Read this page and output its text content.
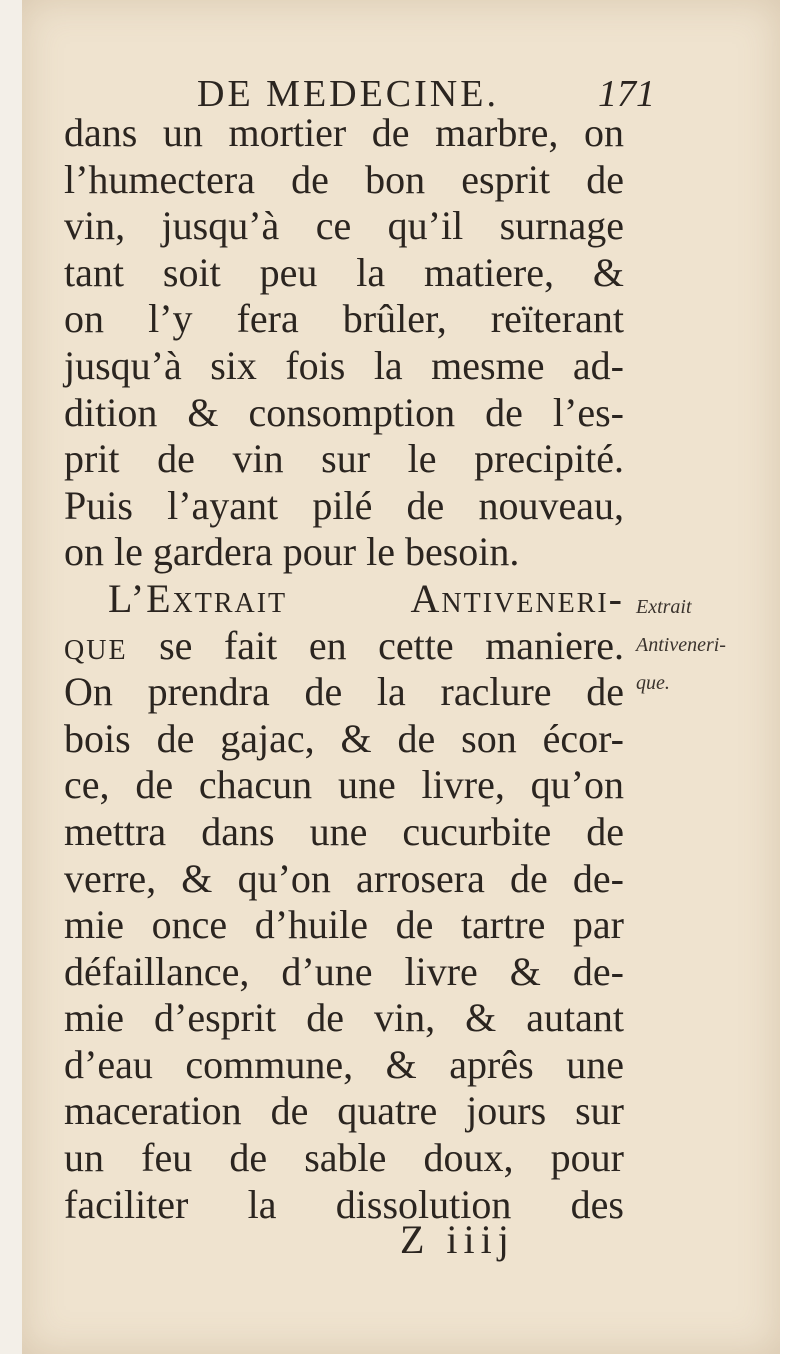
DE MEDECINE.	171
dans un mortier de marbre, on
l’humectera de bon esprit de
vin, jusqu’à ce qu’il surnage
tant soit peu la matiere, &
on l’y fera brûler, reïterant
jusqu’à six fois la mesme ad-
dition & consomption de l’es-
prit de vin sur le precipité.
Puis l’ayant pilé de nouveau,
on le gardera pour le besoin.
L’Extrait Antiveneri-
que se fait en cette maniere.
On prendra de la raclure de
bois de gajac, & de son écor-
ce, de chacun une livre, qu’on
mettra dans une cucurbite de
verre, & qu’on arrosera de de-
mie once d’huile de tartre par
défaillance, d’une livre & de-
mie d’esprit de vin, & autant
d’eau commune, & aprês une
maceration de quatre jours sur
un feu de sable doux, pour
faciliter la dissolution des
Extrait
Antiveneri-
que.
Z iiij
